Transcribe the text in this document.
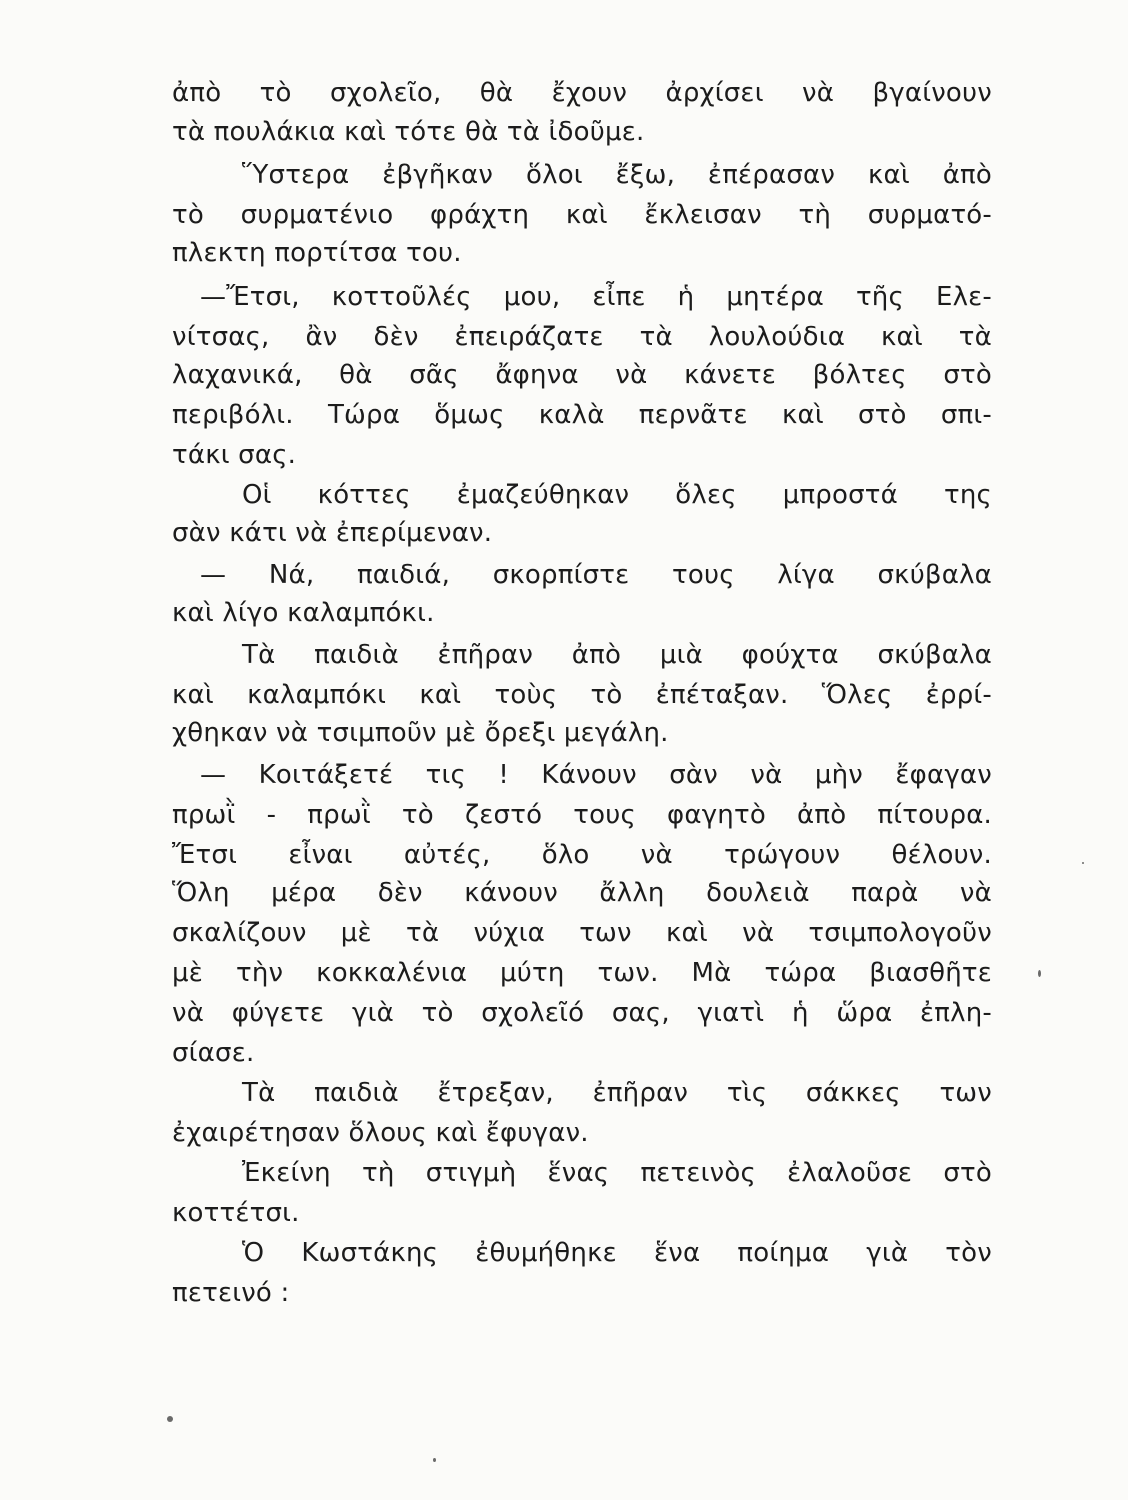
ἀπὸ τὸ σχολεῖο, θὰ ἔχουν ἀρχίσει νὰ βγαίνουν
τὰ πουλάκια καὶ τότε θὰ τὰ ἰδοῦμε.
Ὕστερα ἐβγῆκαν ὅλοι ἔξω, ἐπέρασαν καὶ ἀπὸ
τὸ συρματένιο φράχτη καὶ ἔκλεισαν τὴ συρματό-
πλεκτη πορτίτσα του.
—Ἔτσι, κοττοῦλές μου, εἶπε ἡ μητέρα τῆς Ελε-
νίτσας, ἂν δὲν ἐπειράζατε τὰ λουλούδια καὶ τὰ
λαχανικά, θὰ σᾶς ἄφηνα νὰ κάνετε βόλτες στὸ
περιβόλι. Τώρα ὅμως καλὰ περνᾶτε καὶ στὸ σπι-
τάκι σας.
Οἱ κόττες ἐμαζεύθηκαν ὅλες μπροστά της
σὰν κάτι νὰ ἐπερίμεναν.
— Νά, παιδιά, σκορπίστε τους λίγα σκύβαλα
καὶ λίγο καλαμπόκι.
Τὰ παιδιὰ ἐπῆραν ἀπὸ μιὰ φούχτα σκύβαλα
καὶ καλαμπόκι καὶ τοὺς τὸ ἐπέταξαν. Ὅλες ἐρρί-
χθηκαν νὰ τσιμποῦν μὲ ὄρεξι μεγάλη.
— Κοιτάξετέ τις ! Κάνουν σὰν νὰ μὴν ἔφαγαν
πρωῒ - πρωῒ τὸ ζεστό τους φαγητὸ ἀπὸ πίτουρα.
Ἔτσι εἶναι αὐτές, ὅλο νὰ τρώγουν θέλουν.
Ὅλη μέρα δὲν κάνουν ἄλλη δουλειὰ παρὰ νὰ
σκαλίζουν μὲ τὰ νύχια των καὶ νὰ τσιμπολογοῦν
μὲ τὴν κοκκαλένια μύτη των. Μὰ τώρα βιασθῆτε
νὰ φύγετε γιὰ τὸ σχολεῖό σας, γιατὶ ἡ ὥρα ἐπλη-
σίασε.
Τὰ παιδιὰ ἔτρεξαν, ἐπῆραν τὶς σάκκες των
ἐχαιρέτησαν ὅλους καὶ ἔφυγαν.
Ἐκείνη τὴ στιγμὴ ἕνας πετεινὸς ἐλαλοῦσε στὸ
κοττέτσι.
Ὁ Κωστάκης ἐθυμήθηκε ἕνα ποίημα γιὰ τὸν
πετεινό :
